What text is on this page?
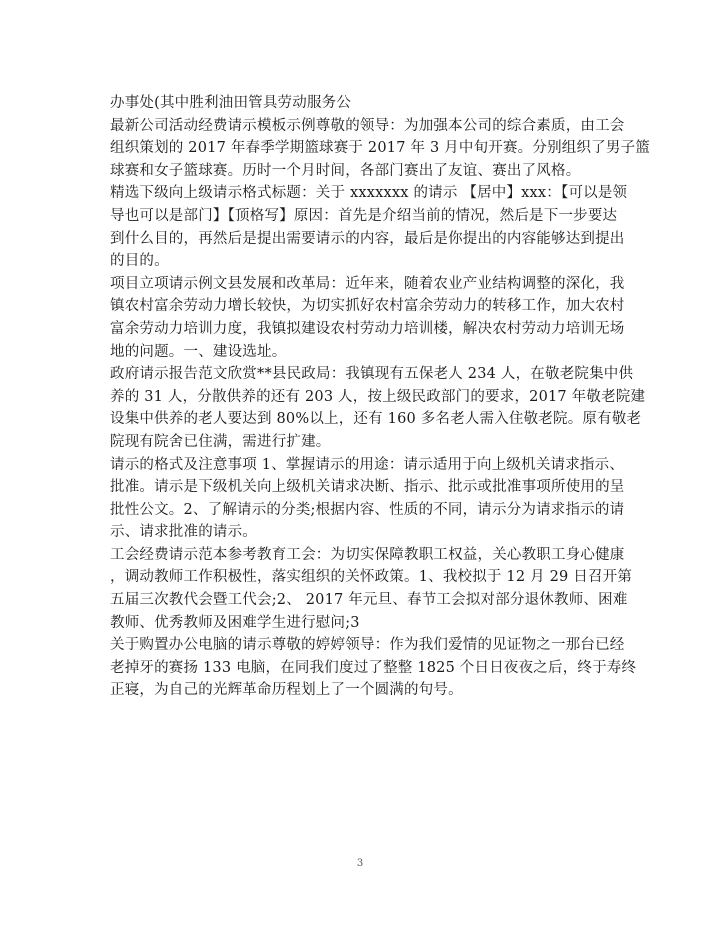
办事处(其中胜利油田管具劳动服务公
最新公司活动经费请示模板示例尊敬的领导：为加强本公司的综合素质，由工会
组织策划的 2017 年春季学期篮球赛于 2017 年 3 月中旬开赛。分别组织了男子篮
球赛和女子篮球赛。历时一个月时间，各部门赛出了友谊、赛出了风格。
精选下级向上级请示格式标题：关于 xxxxxxx 的请示 【居中】xxx：【可以是领
导也可以是部门】【顶格写】原因：首先是介绍当前的情况，然后是下一步要达
到什么目的，再然后是提出需要请示的内容，最后是你提出的内容能够达到提出
的目的。
项目立项请示例文县发展和改革局：近年来，随着农业产业结构调整的深化，我
镇农村富余劳动力增长较快，为切实抓好农村富余劳动力的转移工作，加大农村
富余劳动力培训力度，我镇拟建设农村劳动力培训楼，解决农村劳动力培训无场
地的问题。一、建设选址。
政府请示报告范文欣赏**县民政局：我镇现有五保老人 234 人，在敬老院集中供
养的 31 人，分散供养的还有 203 人，按上级民政部门的要求，2017 年敬老院建
设集中供养的老人要达到 80%以上，还有 160 多名老人需入住敬老院。原有敬老
院现有院舍已住满，需进行扩建。
请示的格式及注意事项 1、掌握请示的用途：请示适用于向上级机关请求指示、
批准。请示是下级机关向上级机关请求决断、指示、批示或批准事项所使用的呈
批性公文。2、了解请示的分类;根据内容、性质的不同，请示分为请求指示的请
示、请求批准的请示。
工会经费请示范本参考教育工会：为切实保障教职工权益，关心教职工身心健康
，调动教师工作积极性，落实组织的关怀政策。1、我校拟于 12 月 29 日召开第
五届三次教代会暨工代会;2、 2017 年元旦、春节工会拟对部分退休教师、困难
教师、优秀教师及困难学生进行慰问;3
关于购置办公电脑的请示尊敬的婷婷领导：作为我们爱情的见证物之一那台已经
老掉牙的赛扬 133 电脑，在同我们度过了整整 1825 个日日夜夜之后，终于寿终
正寝，为自己的光辉革命历程划上了一个圆满的句号。
3
